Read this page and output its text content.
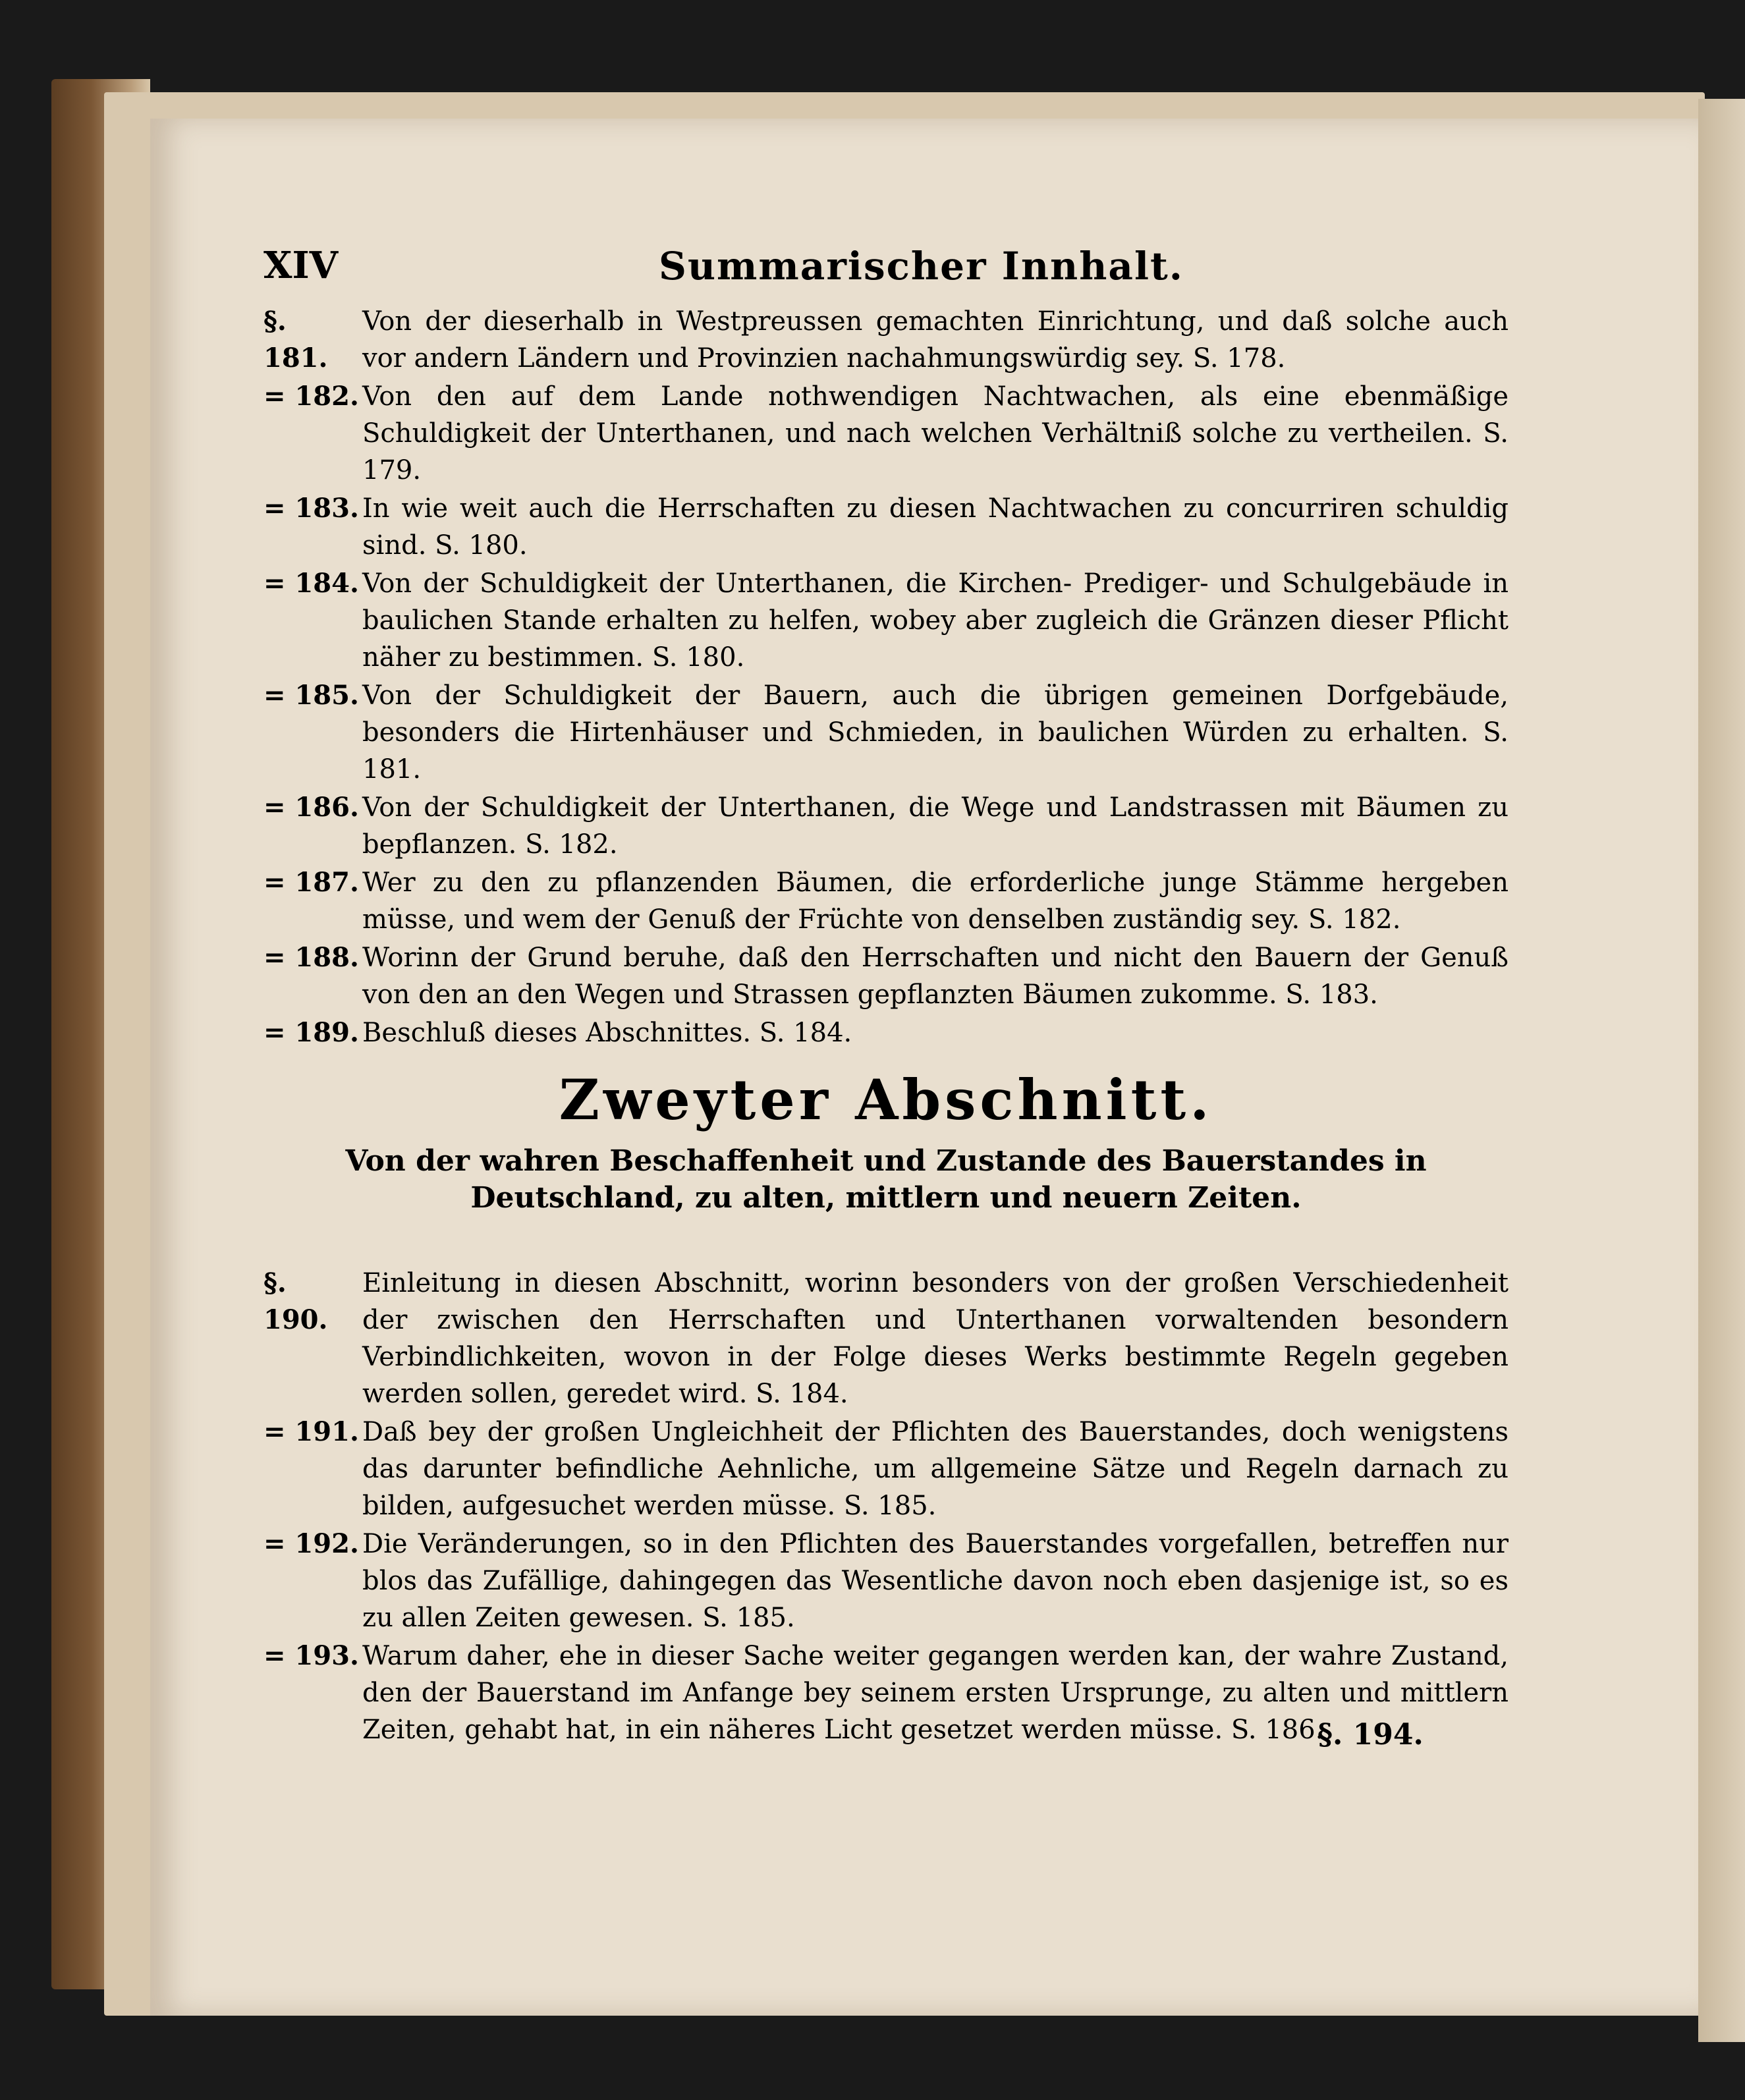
XIV	Summarischer Innhalt.
§. 181.
Von der dieserhalb in Westpreussen gemachten Einrichtung, und daß solche auch vor andern Ländern und Provinzien nachahmungswürdig sey. S. 178.
= 182. Von den auf dem Lande nothwendigen Nachtwachen, als eine ebenmäßige Schuldigkeit der Unterthanen, und nach welchen Verhältniß solche zu vertheilen. S. 179.
= 183. In wie weit auch die Herrschaften zu diesen Nachtwachen zu concurriren schuldig sind. S. 180.
= 184. Von der Schuldigkeit der Unterthanen, die Kirchen- Prediger- und Schulgebäude in baulichen Stande erhalten zu helfen, wobey aber zugleich die Gränzen dieser Pflicht näher zu bestimmen. S. 180.
= 185. Von der Schuldigkeit der Bauern, auch die übrigen gemeinen Dorfgebäude, besonders die Hirtenhäuser und Schmieden, in baulichen Würden zu erhalten. S. 181.
= 186. Von der Schuldigkeit der Unterthanen, die Wege und Landstrassen mit Bäumen zu bepflanzen. S. 182.
= 187. Wer zu den zu pflanzenden Bäumen, die erforderliche junge Stämme hergeben müsse, und wem der Genuß der Früchte von denselben zuständig sey. S. 182.
= 188. Worinn der Grund beruhe, daß den Herrschaften und nicht den Bauern der Genuß von den an den Wegen und Strassen gepflanzten Bäumen zukomme. S. 183.
= 189. Beschluß dieses Abschnittes. S. 184.
Zweyter Abschnitt.
Von der wahren Beschaffenheit und Zustande des Bauerstandes in Deutschland, zu alten, mittlern und neuern Zeiten.
§. 190.
Einleitung in diesen Abschnitt, worinn besonders von der großen Verschiedenheit der zwischen den Herrschaften und Unterthanen vorwaltenden besondern Verbindlichkeiten, wovon in der Folge dieses Werks bestimmte Regeln gegeben werden sollen, geredet wird. S. 184.
= 191. Daß bey der großen Ungleichheit der Pflichten des Bauerstandes, doch wenigstens das darunter befindliche Aehnliche, um allgemeine Sätze und Regeln darnach zu bilden, aufgesuchet werden müsse. S. 185.
= 192. Die Veränderungen, so in den Pflichten des Bauerstandes vorgefallen, betreffen nur blos das Zufällige, dahingegen das Wesentliche davon noch eben dasjenige ist, so es zu allen Zeiten gewesen. S. 185.
= 193. Warum daher, ehe in dieser Sache weiter gegangen werden kan, der wahre Zustand, den der Bauerstand im Anfange bey seinem ersten Ursprunge, zu alten und mittlern Zeiten, gehabt hat, in ein näheres Licht gesetzet werden müsse. S. 186.
§. 194.
